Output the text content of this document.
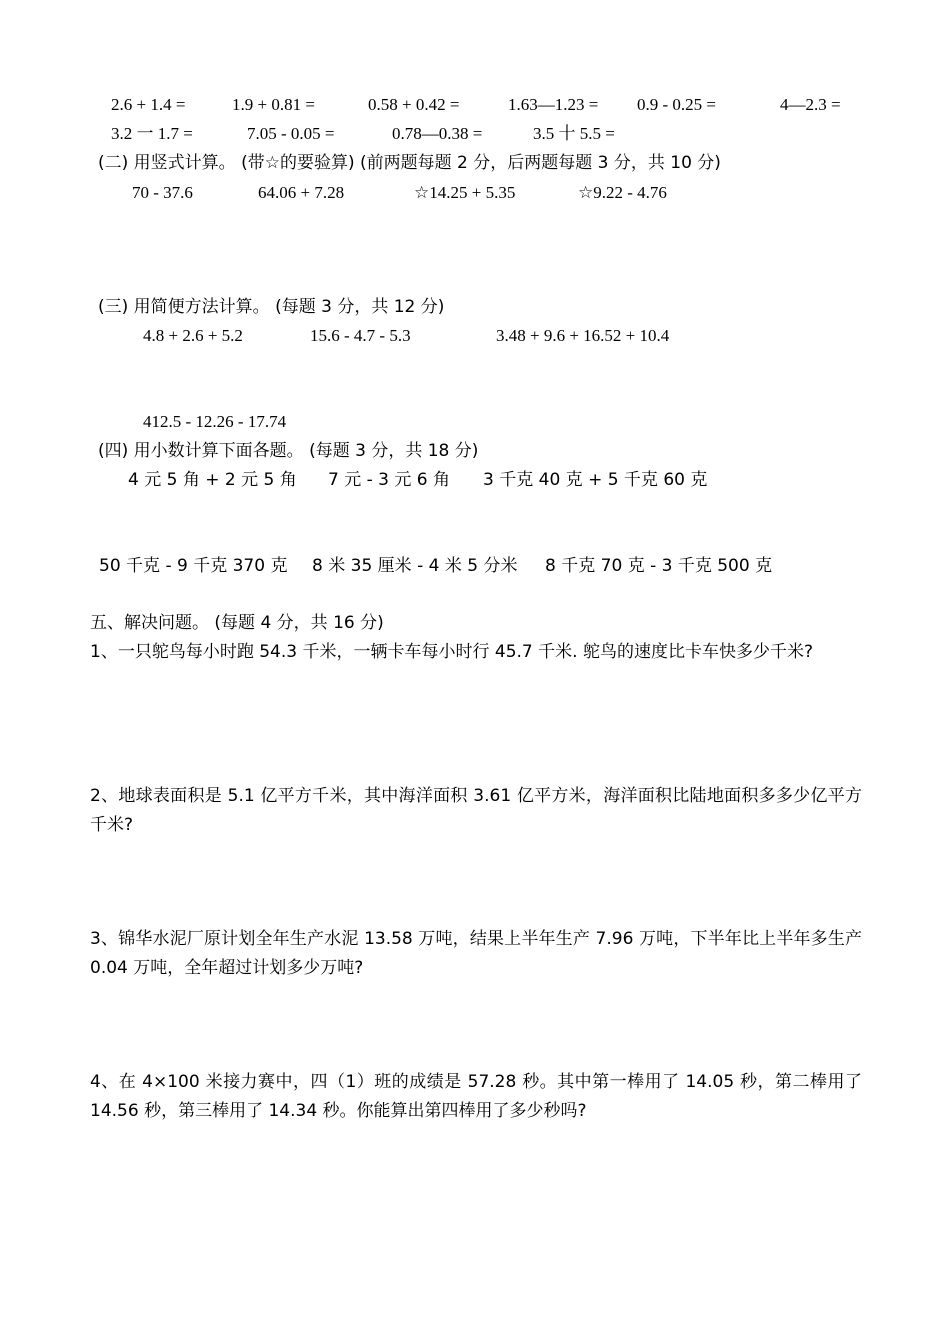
2.6 + 1.4 =	1.9 + 0.81 =	0.58 + 0.42 =	1.63—1.23 = 0.9 - 0.25 =	4—2.3 =
3.2 一 1.7 =	7.05 - 0.05 =	0.78—0.38 =	3.5 十 5.5 =
(二) 用竖式计算。 (带☆的要验算) (前两题每题 2 分，后两题每题 3 分，共 10 分)
70 - 37.6	64.06 + 7.28	☆14.25 + 5.35	☆9.22 - 4.76
(三) 用简便方法计算。 (每题 3 分，共 12 分)
4.8 + 2.6 + 5.2	15.6 - 4.7 - 5.3	3.48 + 9.6 + 16.52 + 10.4
412.5 - 12.26 - 17.74
(四) 用小数计算下面各题。 (每题 3 分，共 18 分)
4 元 5 角 + 2 元 5 角 7 元 - 3 元 6 角 3 千克 40 克 + 5 千克 60 克
50 千克 - 9 千克 370 克 8 米 35 厘米 - 4 米 5 分米 8 千克 70 克 - 3 千克 500 克
五、解决问题。 (每题 4 分，共 16 分)
1、一只鸵鸟每小时跑 54.3 千米，一辆卡车每小时行 45.7 千米. 鸵鸟的速度比卡车快多少千米?
2、地球表面积是 5.1 亿平方千米，其中海洋面积 3.61 亿平方米，海洋面积比陆地面积多多少亿平方千米?
3、锦华水泥厂原计划全年生产水泥 13.58 万吨，结果上半年生产 7.96 万吨，下半年比上半年多生产 0.04 万吨，全年超过计划多少万吨?
4、在 4×100 米接力赛中，四（1）班的成绩是 57.28 秒。其中第一棒用了 14.05 秒，第二棒用了 14.56 秒，第三棒用了 14.34 秒。你能算出第四棒用了多少秒吗?
